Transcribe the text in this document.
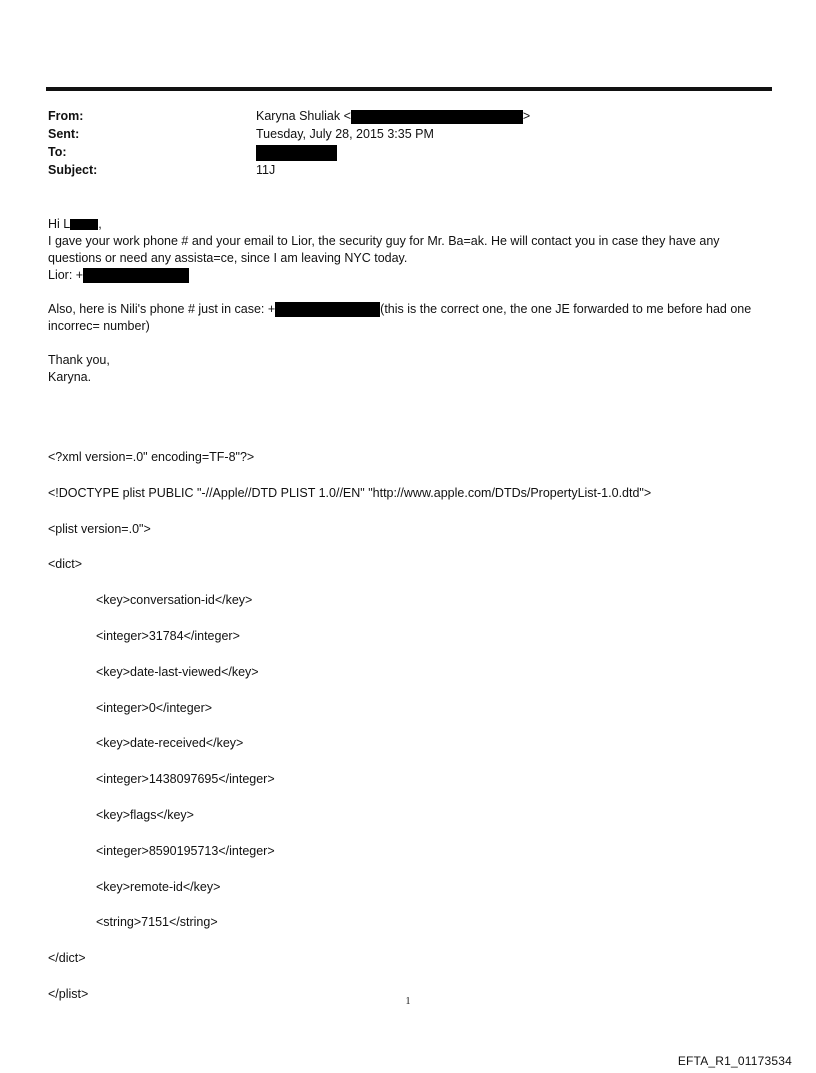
From:	Karyna Shuliak <	>
Sent:	Tuesday, July 28, 2015 3:35 PM
To:
Subject:	11J

Hi L ,

I gave your work phone # and your email to Lior, the security guy for Mr. Ba=ak. He will contact you in case they have any questions or need any assista=ce, since I am leaving NYC today.

Lior: +

Also, here is Nili's phone # just in case: +	(this is the correct one, the one JE forwarded to me before had one incorrec= number)

Thank you,

Karyna.

<?xml version=.0" encoding=TF-8"?>

<!DOCTYPE plist PUBLIC "-//Apple//DTD PLIST 1.0//EN" "http://www.apple.com/DTDs/PropertyList-1.0.dtd">

<plist version=.0">

<dict>

<key>conversation-id</key>

<integer>31784</integer>

<key>date-last-viewed</key>

<integer>0</integer>

<key>date-received</key>

<integer>1438097695</integer>

<key>flags</key>

<integer>8590195713</integer>

<key>remote-id</key>

<string>7151</string>

</dict>

</plist>

1
EFTA_R1_01173534
